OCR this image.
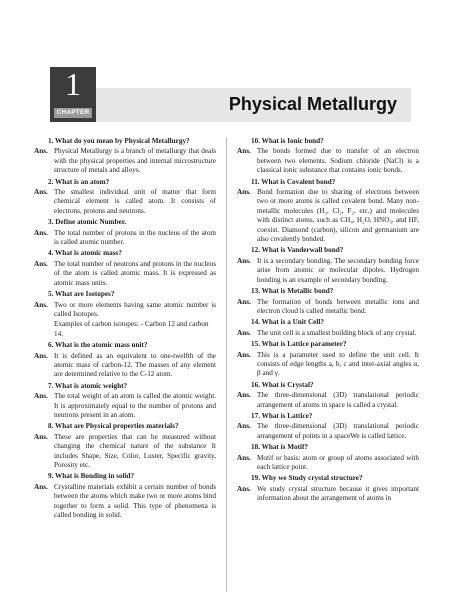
1
CHAPTER	Physical Metallurgy
1. What do you mean by Physical Metallurgy?
Ans. Physical Metallurgy is a branch of metallurgy that deals with the physical properties and internal microstructure structure of metals and alloys.
2. What is an atom?
Ans. The smallest individual unit of matter that form chemical element is called atom. It consists of electrons, protons and neutrons.
3. Define atomic Number.
Ans. The total number of protons in the nucleus of the atom is called atomic number.
4. What is atomic mass?
Ans. The total number of neutrons and protons in the nucleus of the atom is called atomic mass. It is expressed as atomic mass units.
5. What are Isotopes?
Ans. Two or more elements having same atomic number is called Isotopes.
Examples of carbon isotopes: - Carbon 12 and carbon 14.
6. What is the atomic mass unit?
Ans. It is defined as an equivalent to one-twelfth of the atomic mass of carbon-12. The masses of any element are determined relative to the C-12 atom.
7. What is atomic weight?
Ans. The total weight of an atom is called the atomic weight. It is approximately equal to the number of protons and neutrons present in an atom.
8. What are Physical properties materials?
Ans. These are properties that can be measured without changing the chemical nature of the substance It includes Shape, Size, Color, Luster, Specific gravity, Porosity etc.
9. What is Bonding in solid?
Ans. Crystalline materials exhibit a certain number of bonds between the atoms which make two or more atoms bind together to form a solid. This type of phenomena is called bonding in solid.
10. What is Ionic bond?
Ans. The bonds formed due to transfer of an electron between two elements. Sodium chloride (NaCl) is a classical ionic substance that contains ionic bonds.
11. What is Covalent bond?
Ans. Bond formation due to sharing of electrons between two or more atoms is called covalent bond. Many non-metallic molecules (H₂, Cl₂, F₂, etc.) and molecules with distinct atoms, such as CH₄, H₂O, HNO₃, and HF, coexist. Diamond (carbon), silicon and germanium are also covalently bonded.
12. What is Vanderwall bond?
Ans. It is a secondary bonding. The secondary bonding force arise from atomic or molecular dipoles. Hydrogen bonding is an example of secondary bonding.
13. What is Metallic bond?
Ans. The formation of bonds between metallic ions and electron cloud is called metallic bond.
14. What is a Unit Cell?
Ans. The unit cell is a smallest building block of any crystal.
15. What is Lattice parameter?
Ans. This is a parameter used to define the unit cell. It consists of edge lengths a, b, c and inter-axial angles α, β and γ.
16. What is Crystal?
Ans. The three-dimensional (3D) translational periodic arrangement of atoms in space is called a crystal.
17. What is Lattice?
Ans. The three-dimensional (3D) translational periodic arrangement of points in a spaceWe is called lattice.
18. What is Motif?
Ans. Motif or basis: atom or group of atoms associated with each lattice point.
19. Why we Study crystal structure?
Ans. We study crystal structure because it gives important information about the arrangement of atoms in
